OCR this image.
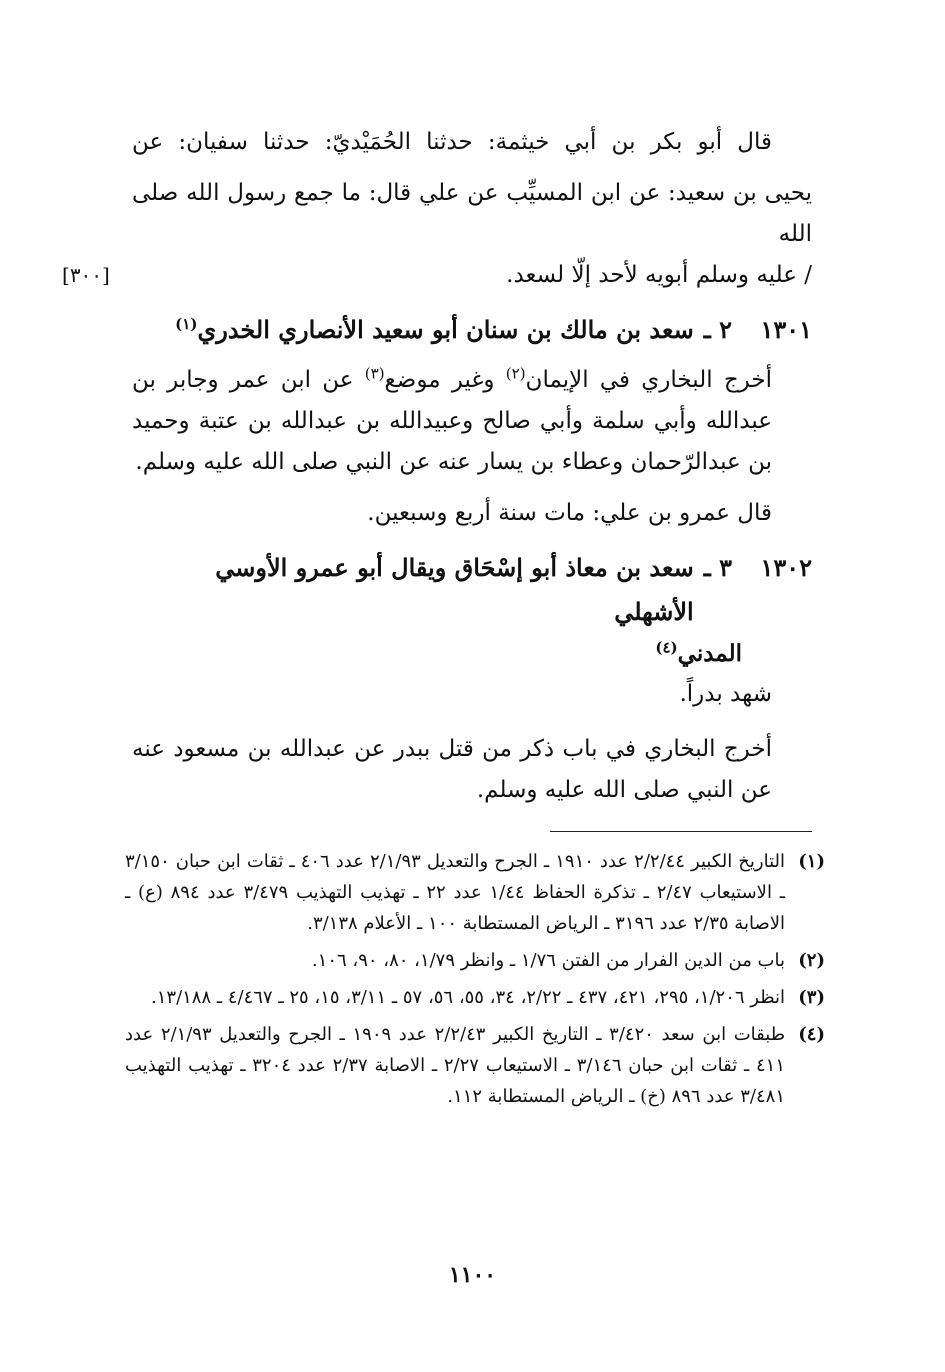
قال أبو بكر بن أبي خيثمة: حدثنا الحُمَيْديّ: حدثنا سفيان: عن

يحيى بن سعيد: عن ابن المسيِّب عن علي قال: ما جمع رسول الله صلى الله

/ عليه وسلم أبويه لأحد إلّا لسعد.

[٣٠٠]
١٣٠١
٢ ـ
سعد بن مالك بن سنان أبو سعيد الأنصاري الخدري$^{(١)}$

أخرج البخاري في الإيمان$^{(٢)}$ وغير موضع$^{(٣)}$ عن ابن عمر وجابر بن عبدالله وأبي سلمة وأبي صالح وعبيدالله بن عبدالله بن عتبة وحميد بن عبدالرّحمان وعطاء بن يسار عنه عن النبي صلى الله عليه وسلم.

قال عمرو بن علي: مات سنة أربع وسبعين.

١٣٠٢
٣ ـ
سعد بن معاذ أبو إسْحَاق ويقال أبو عمرو الأوسي الأشهلي
المدني$^{(٤)}$

شهد بدراً.

أخرج البخاري في باب ذكر من قتل ببدر عن عبدالله بن مسعود عنه عن النبي صلى الله عليه وسلم.

(١)
التاريخ الكبير ٢/٢/٤٤ عدد ١٩١٠ ـ الجرح والتعديل ٢/١/٩٣ عدد ٤٠٦ ـ ثقات ابن حبان ٣/١٥٠ ـ الاستيعاب ٢/٤٧ ـ تذكرة الحفاظ ١/٤٤ عدد ٢٢ ـ تهذيب التهذيب ٣/٤٧٩ عدد ٨٩٤ (ع) ـ الاصابة ٢/٣٥ عدد ٣١٩٦ ـ الرياض المستطابة ١٠٠ ـ الأعلام ٣/١٣٨.
(٢)
باب من الدين الفرار من الفتن ١/٧٦ ـ وانظر ١/٧٩، ٨٠، ٩٠، ١٠٦.
(٣)
انظر ١/٢٠٦، ٢٩٥، ٤٢١، ٤٣٧ ـ ٢/٢٢، ٣٤، ٥٥، ٥٦، ٥٧ ـ ٣/١١، ١٥، ٢٥ ـ ٤/٤٦٧ ـ ١٣/١٨٨.
(٤)
طبقات ابن سعد ٣/٤٢٠ ـ التاريخ الكبير ٢/٢/٤٣ عدد ١٩٠٩ ـ الجرح والتعديل ٢/١/٩٣ عدد ٤١١ ـ ثقات ابن حبان ٣/١٤٦ ـ الاستيعاب ٢/٢٧ ـ الاصابة ٢/٣٧ عدد ٣٢٠٤ ـ تهذيب التهذيب ٣/٤٨١ عدد ٨٩٦ (خ) ـ الرياض المستطابة ١١٢.
١١٠٠
